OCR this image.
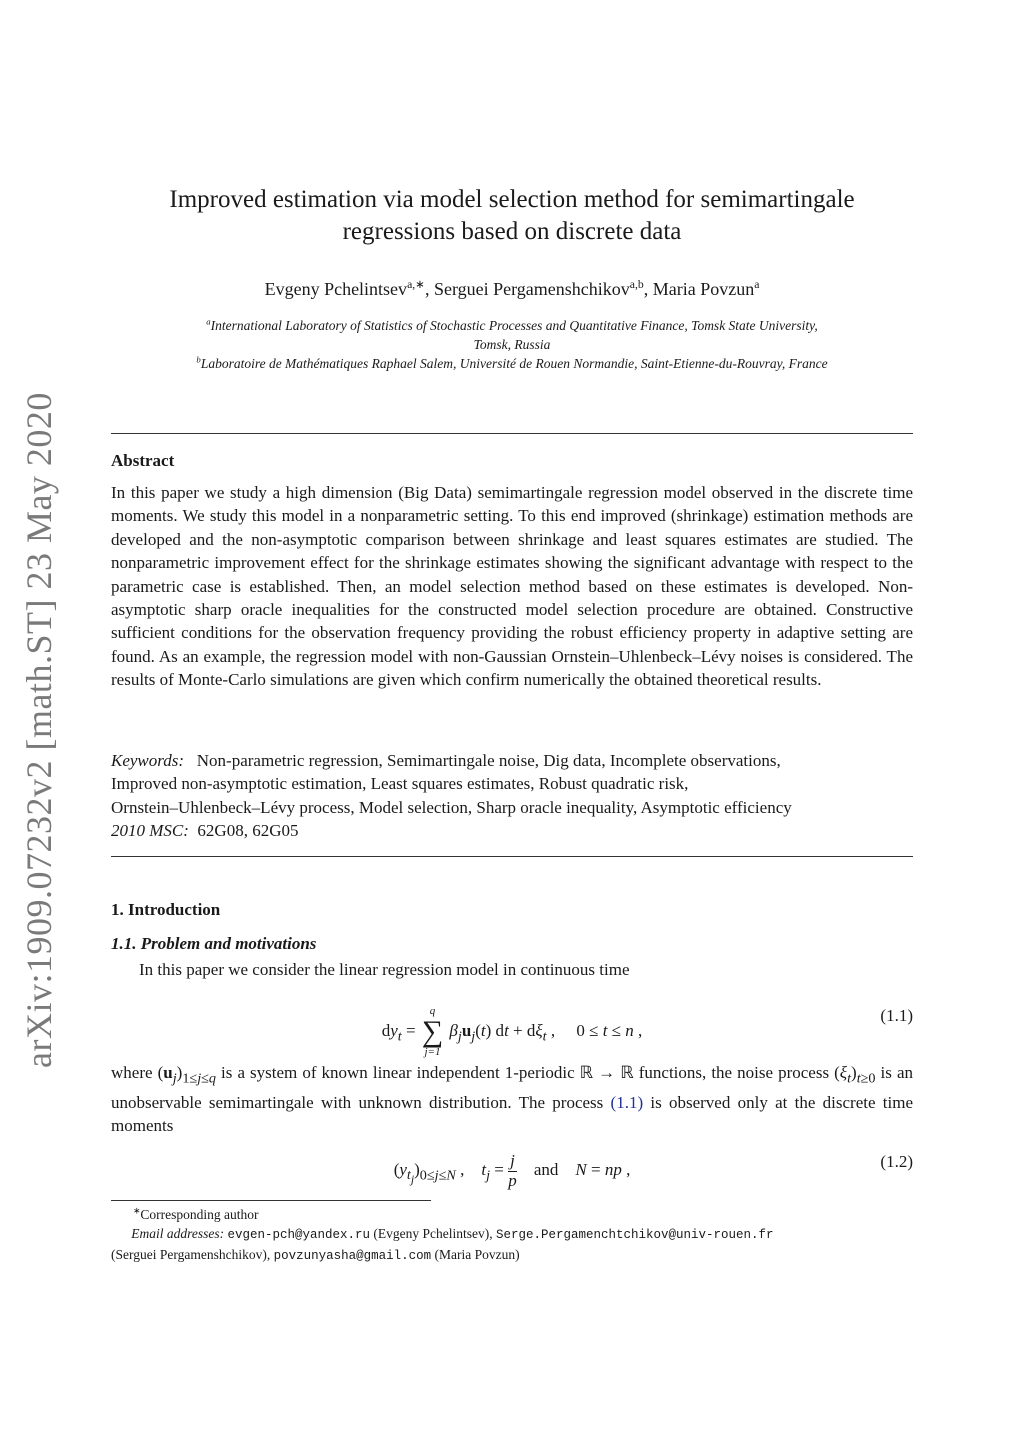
arXiv:1909.07232v2 [math.ST] 23 May 2020
Improved estimation via model selection method for semimartingale
regressions based on discrete data
Evgeny Pchelintsev$^{a,∗}$, Serguei Pergamenshchikov$^{a,b}$, Maria Povzun$^a$
$^a$International Laboratory of Statistics of Stochastic Processes and Quantitative Finance, Tomsk State University,
Tomsk, Russia
$^b$Laboratoire de Mathématiques Raphael Salem, Université de Rouen Normandie, Saint-Etienne-du-Rouvray, France
Abstract

In this paper we study a high dimension (Big Data) semimartingale regression model observed in the discrete time moments. We study this model in a nonparametric setting. To this end improved (shrinkage) estimation methods are developed and the non-asymptotic comparison between shrinkage and least squares estimates are studied. The nonparametric improvement effect for the shrinkage estimates showing the significant advantage with respect to the parametric case is established. Then, an model selection method based on these estimates is developed. Non-asymptotic sharp oracle inequalities for the constructed model selection procedure are obtained. Constructive sufficient conditions for the observation frequency providing the robust efficiency property in adaptive setting are found. As an example, the regression model with non-Gaussian Ornstein–Uhlenbeck–Lévy noises is considered. The results of Monte-Carlo simulations are given which confirm numerically the obtained theoretical results.

Keywords: Non-parametric regression, Semimartingale noise, Dig data, Incomplete observations,
Improved non-asymptotic estimation, Least squares estimates, Robust quadratic risk,
Ornstein–Uhlenbeck–Lévy process, Model selection, Sharp oracle inequality, Asymptotic efficiency

2010 MSC: 62G08, 62G05

1. Introduction
1.1. Problem and motivations

In this paper we consider the linear regression model in continuous time

$dy_t$ =
q
∑
j=1
$\beta_ju_j(t)$ dt + $d\xi_t$ ,     0 ≤ t ≤ n ,
(1.1)

where $(u_j)_{1\le j\le q}$ is a system of known linear independent 1-periodic ℝ → ℝ functions, the noise process $(\xi_t)_{t\ge 0}$ is an unobservable semimartingale with unknown distribution. The process (1.1) is observed only at the discrete time moments

$(y_{t_j})_{0\le j\le N}$ ,    $t_j = \frac{j}{p}$ and N = np ,	(1.2)

∗Corresponding author

Email addresses: evgen-pch@yandex.ru (Evgeny Pchelintsev), Serge.Pergamenchtchikov@univ-rouen.fr
(Serguei Pergamenshchikov), povzunyasha@gmail.com (Maria Povzun)
